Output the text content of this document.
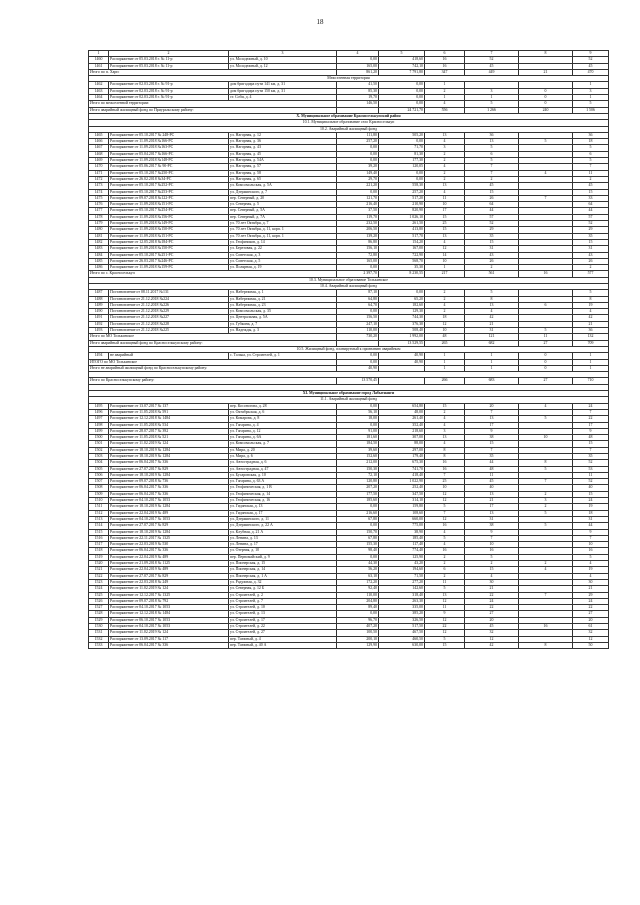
18
1	2	3	4	5	6	7	8	9
1460	Распоряжение от 05.03.2018 г. № 11-р	ул. Молодежный, д. 10	0,00	418,60	16	52		52
1461	Распоряжение от 05.03.2018 г. № 11-р	ул. Молодежный, д. 12	165,00	742,10	16	45		45
Итого по п. Харп:			861,20	7 791,80	347	449	21	470
Межселенная территория								
1462	Распоряжение от 02.03.2018 г. № 91-р	дом бригадира пути 141 км, д. 31	41,50	0,00	1			1
1463	Распоряжение от 02.03.2018 г. № 91-р	дом бригадира пути 150 км, д. 31	85,30	0,00	2	3	0	3
1464	Распоряжение от 02.03.2018 г. № 91-р	ст. Соби, д. 4	19,70	0,00	1	1	0	1
Итого по межселенной территории:			146,50	0,00	4	5	0	5
Итого аварийный жилищный фонд по Приуральскому району:				24 721,70	556	1 266	240	1 506
X. Муниципальное образование Красноселькупский район								
10.1. Муниципальное образование село Красноселькуп								
10.2. Аварийный жилищный фонд								
1465	Распоряжение от 05.10.2017 № 248-РС	ул. Нагорная, д. 12	111,80	505,20	13	36		36
1466	Распоряжение от 11.09.2018 №166-РС	ул. Нагорная, д. 36	257,20	0,00	4	13	5	18
1467	Распоряжение от 11.09.2018 №163-РС	ул. Нагорная, д. 43	0,00	71,70	3	5		5
1468	Распоряжение от 05.04.2017 №166-РС	ул. Нагорная, д. 45	0,00	81,30	2	6		6
1469	Распоряжение от 11.09.2018 №148-РС	ул. Нагорная, д. 54А	0,00	177,30	2	5		5
1470	Распоряжение от 05.06.2017 № 90-РС	ул. Нагорная, д. 57	39,20	120,05	4	7		7
1471	Распоряжение от 05.10.2017 №250-РС	ул. Нагорная, д. 58	149,40	0,00	2	7	4	11
1472	Распоряжение от 26.02.2018 №34-РС	ул. Нагорная, д. 65	29,70	0,00	2	2		2
1473	Распоряжение от 05.10.2017 №252-РС	ул. Комсомольская, д. 5А	221,20	558,30	13	45		45
1474	Распоряжение от 05.10.2017 №253-РС	ул. Дзержинского, д. 7	0,00	257,20	4	15		15
1475	Распоряжение от 09.07.2018 №122-РС	пер. Северный, д. 20	121,70	517,20	11	26	7	33
1476	Распоряжение от 11.09.2018 №151-РС	ул. Северная, д. 5	216,40	210,90	10	64		64
1477	Распоряжение от 05.10.2017 №254-РС	пер. Северный, д. 5А	37,50	820,90	17	44		44
1478	Распоряжение от 11.09.2018 №156-РС	пер. Северный, д. 7А	119,70	1 026,10	15	57		57
1479	Распоряжение от 11.09.2018 №149-РС	ул. 70 лет Октября, д. 7	232,50	261,50	25	52		52
1480	Распоряжение от 11.09.2018 №150-РС	ул. 70 лет Октября, д. 11, корп. 1	206,50	413,80	15	29		29
1481	Распоряжение от 11.09.2018 №151-РС	ул. 70 лет Октября, д. 11, корп. 1	139,20	517,70	13	35		35
1482	Распоряжение от 12.05.2018 №184-РС	ул. Геофизиков, д. 14	86,80	154,20	4	15		15
1483	Распоряжение от 11.09.2018 №150-РС	ул. Березовая, д. 22	156,10	167,00	12	31		31
1484	Распоряжение от 05.10.2017 №251-РС	ул. Советская, д. 3	72,80	722,90	14	43		43
1485	Распоряжение от 26.03.2017 №246-РС	ул. Советская, д. 5	165,00	568,70	10	26		26
1486	Распоряжение от 11.09.2018 №159-РС	ул. Полярная, д. 19	0,00	35,30	1	2		2
Итого по с. Красноселькуп			2 397,70	8 230,55	217	561	16	577
10.3. Муниципальное образование Толькинское								
10.4. Аварийный жилищный фонд								
1487	Постановление от 08.11.2017 №131	ул. Набережная, д. 1	87,10	0,00	2	5		5
1488	Постановление от 21.12.2018 №224	ул. Набережная, д. 21	64,80	65,20	2	8		8
1489	Постановление от 21.12.2018 №226	ул. Набережная, д. 23	64,70	182,60	4	13	6	19
1490	Постановление от 21.12.2018 №229	ул. Комсомольская, д. 35	0,00	129,30	2	4		4
1491	Постановление от 21.12.2018 №227	ул. Центральная, д. 5А	156,50	744,30	18	42		42
1492	Постановление от 21.12.2018 №228	ул. Губкина, д. 7	247,10	376,30	12	21		21
1493	Постановление от 21.12.2018 №225	ул. Надежды, д. 3	110,00	508,40	10	31	5	36
Итого по МО Толькинское			730,20	1 992,00	48	121	11	132
Итого аварийный жилищный фонд по Красноселькупскому району:				13 529,55	265	682	27	709
10.5. Жилищный фонд, планируемый к признанию аварийным								
1494	не аварийный	с. Толька, ул. Строителей, д. 1	0,00	40,90	1	1	0	1
ИТОГО по МО Толькинское			0,00	40,90	1	1	0	1
Итого не аварийный жилищный фонд по Красноселькупскому району:			40,90		1	1	0	1

Итого по Красноселькупскому району:			13 570,45		266	683	27	710

XI. Муниципальное образование город Лабытнанги								
11.1. Аварийный жилищный фонд								
1495	Распоряжение от 13.07.2017 № 137	пер. Косоногова, д. 28	0,00	654,80	15	20	4	24
1496	Распоряжение от 11.05.2018 № 591	ул. Октябрьская, д. 6	56,10	48,00	2	7		7
1497	Распоряжение от 12.12.2018 № 1484	ул. Комарова, д. 8	18,00	261,40	4	13	5	22
1498	Распоряжение от 11.05.2018 № 534	ул. Гагарина, д. 4	0,00	352,40	4	17		17
1499	Распоряжение от 28.07.2017 № 392	ул. Гагарина, д. 12	91,00	218,60	3	9		9
1500	Распоряжение от 11.05.2018 № 521	ул. Гагарина, д. 6А	181,60	307,00	13	38	10	48
1501	Распоряжение от 11.02.2019 № 124	ул. Комсомольская, д. 7	184,50	88,00	4	15		15
1502	Распоряжение от 18.10.2019 № 1284	ул. Мира, д. 20	39,60	297,00	8	7		7
1503	Распоряжение от 18.10.2019 № 1284	ул. Мира, д. 6	152,60	179,40	8	35		35
1504	Распоряжение от 06.04.2017 № 336	ул. Автострадная, д. 6	212,00	675,30	16	44	8	52
1505	Распоряжение от 27.07.2017 № 829	ул. Автострадная, д. 47	150,30	741,70	16	48	5	53
1506	Распоряжение от 18.10.2019 № 1284	ул. Бусаровская, д. 10	72,10	418,40	7	11		11
1507	Распоряжение от 09.07.2018 № 736	ул. Гагарина, д. 63 А	120,80	1 022,90	25	45	7	52
1508	Распоряжение от 06.04.2017 № 336	ул. Геофизическая, д. 1 В	207,20	252,40	10	40		40
1509	Распоряжение от 06.04.2017 № 336	ул. Геофизическая, д. 14	177,50	347,50	12	13	2	15
1510	Распоряжение от 04.10.2017 № 1053	ул. Геофизическая, д. 16	185,60	314,10	12	21	3	24
1511	Распоряжение от 18.10.2019 № 1284	ул. Гиданская, д. 13	0,00	159,80	5	17	2	19
1512	Распоряжение от 22.04.2019 № 489	ул. Гиданская, д. 17	216,60	108,60	7	13	5	18
1513	Распоряжение от 04.10.2017 № 1053	ул. Дзержинского, д. 11	67,80	660,00	12	31		31
1514	Распоряжение от 27.07.2017 № 829	ул. Дзержинского, д. 22 А	0,00	775,00	16	38	5	44
1515	Распоряжение от 18.10.2019 № 1284	ул. Клубная, д. 21 А	150,70	38,90	4	9		9
1516	Распоряжение от 22.11.2017 № 1325	ул. Ленина, д. 13	67,80	185,40	5	7		7
1517	Распоряжение от 22.03.2019 № 530	ул. Ленина, д. 17	155,30	117,40	4	10		10
1518	Распоряжение от 06.04.2017 № 336	ул. Озерная, д. 10	98,40	774,40	16	16		16
1519	Распоряжение от 22.04.2019 № 489	пер. Первомайский, д. 9	0,00	125,90	2	5		5
1520	Распоряжение от 21.09.2018 № 1125	ул. Пионерская, д. 15	44,30	43,20	2	2	2	4
1521	Распоряжение от 22.04.2019 № 489	ул. Пионерская, д. 14	56,20	194,60	6	15	4	19
1522	Распоряжение от 27.07.2017 № 829	ул. Пионерская, д. 1 А	63,10	71,50	2	4		4
1523	Распоряжение от 22.03.2018 № 249	ул. Радужная, д. 32	172,20	277,20	11	30		30
1524	Распоряжение от 11.02.2019 № 124	ул. Северная, д. 12 Б	92,40	142,60	5	21		21
1525	Распоряжение от 12.12.2017 № 1325	ул. Строителей, д. 2	110,00	318,40	13	22	7	29
1526	Распоряжение от 09.07.2018 № 792	ул. Строителей, д. 7	204,80	263,30	12	24		24
1527	Распоряжение от 04.10.2017 № 1053	ул. Строителей, д. 10	89,40	335,00	11	22		22
1528	Распоряжение от 12.12.2018 № 1484	ул. Строителей, д. 13	0,00	385,20	9	27		27
1529	Распоряжение от 06.10.2017 № 1053	ул. Строителей, д. 17	96,70	326,50	12	20		20
1530	Распоряжение от 04.10.2017 № 1053	ул. Строителей, д. 22	407,20	517,50	22	45	16	61
1531	Распоряжение от 11.02.2019 № 124	ул. Строителей, д. 27	100,50	467,50	12	32		32
1532	Распоряжение от 13.09.2017 № 117	пер. Таежный, д. 4	200,10	460,50	5	12		12
1533	Распоряжение от 06.04.2017 № 336	пер. Таежный, д. 40 А	129,90	630,00	15	42	8	50
